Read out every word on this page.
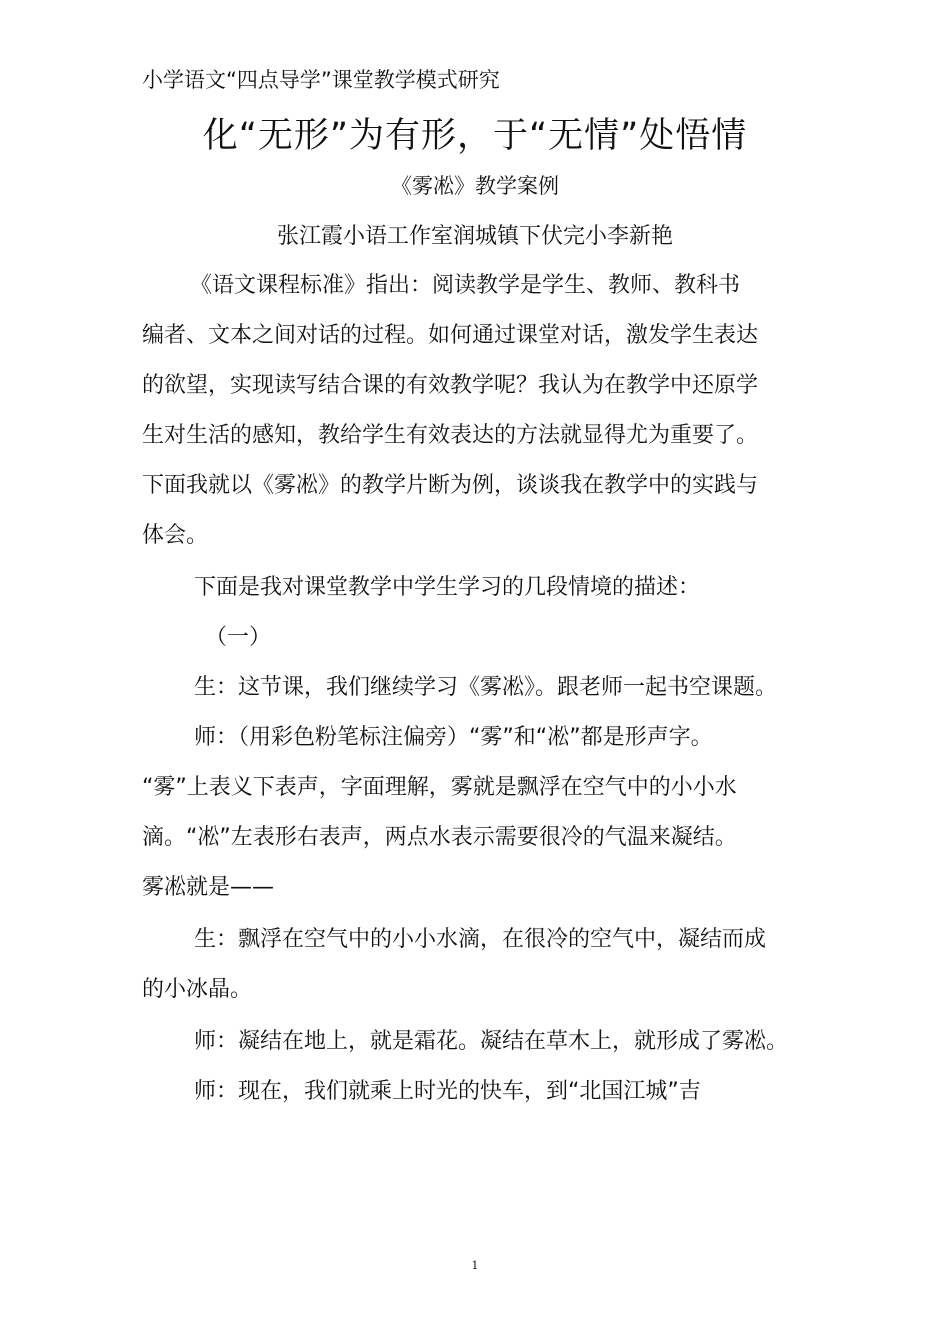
小学语文“四点导学”课堂教学模式研究
化“无形”为有形，于“无情”处悟情
《雾凇》教学案例
张江霞小语工作室润城镇下伏完小李新艳
《语文课程标准》指出：阅读教学是学生、教师、教科书
编者、文本之间对话的过程。如何通过课堂对话，激发学生表达
的欲望，实现读写结合课的有效教学呢？我认为在教学中还原学
生对生活的感知，教给学生有效表达的方法就显得尤为重要了。
下面我就以《雾凇》的教学片断为例，谈谈我在教学中的实践与
体会。
下面是我对课堂教学中学生学习的几段情境的描述：
（一）
生：这节课，我们继续学习《雾凇》。跟老师一起书空课题。
师：（用彩色粉笔标注偏旁）“雾”和“凇”都是形声字。
“雾”上表义下表声，字面理解，雾就是飘浮在空气中的小小水
滴。“凇”左表形右表声，两点水表示需要很冷的气温来凝结。
雾凇就是——
生：飘浮在空气中的小小水滴，在很冷的空气中，凝结而成
的小冰晶。
师：凝结在地上，就是霜花。凝结在草木上，就形成了雾凇。
师：现在，我们就乘上时光的快车，到“北国江城”吉
1
